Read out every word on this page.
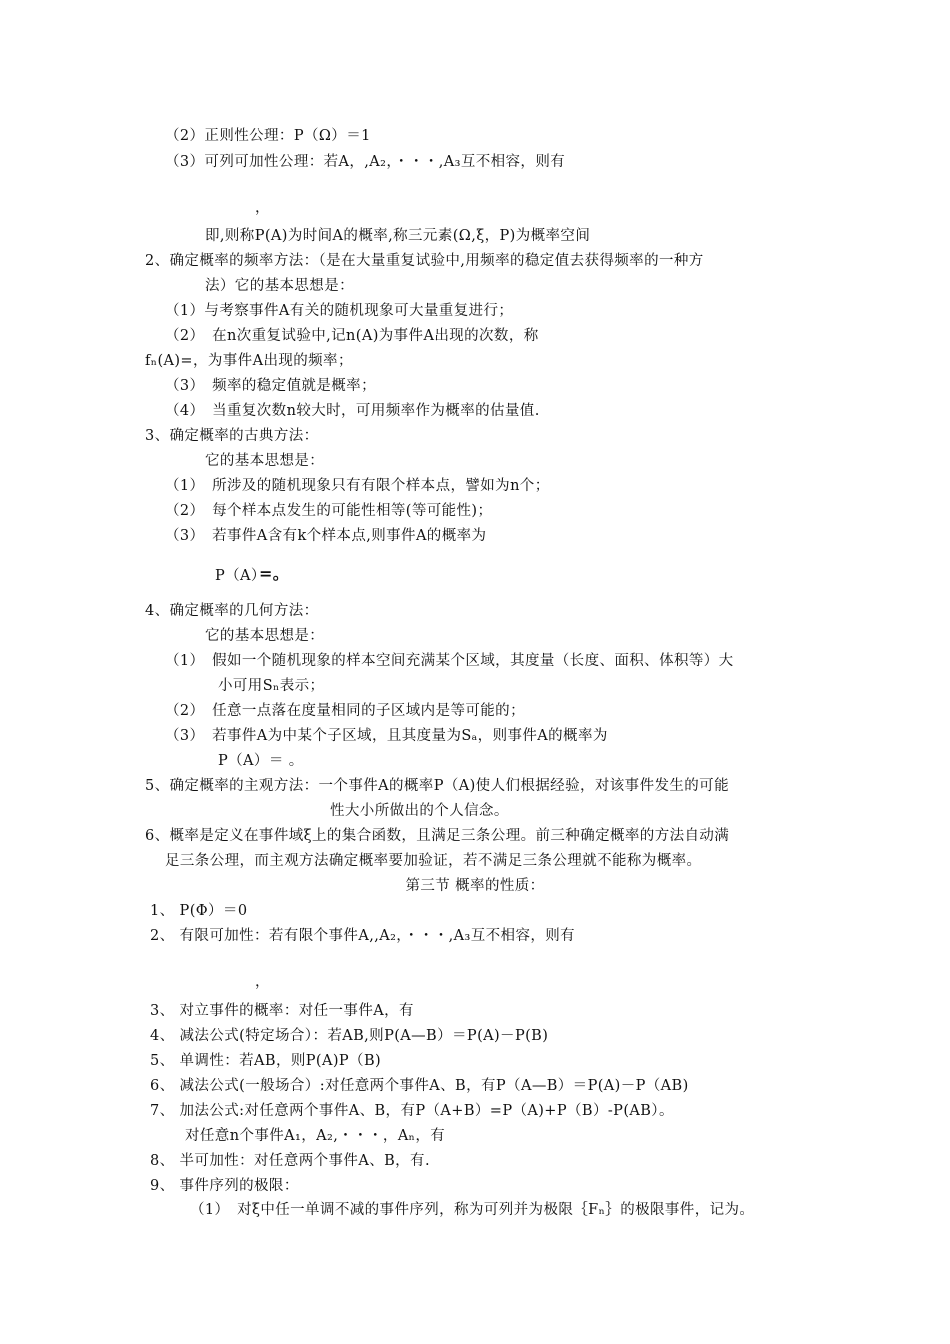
（2）正则性公理：P（Ω）＝1
（3）可列可加性公理：若A，,A₂，・・・,A₃互不相容，则有
，
即,则称P(A)为时间A的概率,称三元素(Ω,ξ，P)为概率空间
2、确定概率的频率方法：（是在大量重复试验中,用频率的稳定值去获得频率的一种方
法）它的基本思想是：
（1）与考察事件A有关的随机现象可大量重复进行；
（2）　在n次重复试验中,记n(A)为事件A出现的次数，称
fₙ(A)=，为事件A出现的频率；
（3）　频率的稳定值就是概率；
（4）　当重复次数n较大时，可用频率作为概率的估量值.
3、确定概率的古典方法：
它的基本思想是：
（1）　所涉及的随机现象只有有限个样本点，譬如为n个；
（2）　每个样本点发生的可能性相等(等可能性)；
（3）　若事件A含有k个样本点,则事件A的概率为
P（A）
=。
4、确定概率的几何方法：
它的基本思想是：
（1）　假如一个随机现象的样本空间充满某个区域，其度量（长度、面积、体积等）大
小可用Sₙ表示；
（2）　任意一点落在度量相同的子区域内是等可能的；
（3）　若事件A为中某个子区域，且其度量为Sₐ，则事件A的概率为
P（A）＝ 。
5、确定概率的主观方法：一个事件A的概率P（A)使人们根据经验，对该事件发生的可能
性大小所做出的个人信念。
6、概率是定义在事件域ξ上的集合函数，且满足三条公理。前三种确定概率的方法自动满
足三条公理，而主观方法确定概率要加验证，若不满足三条公理就不能称为概率。
第三节 概率的性质：
1、 P(Φ）＝0
2、 有限可加性：若有限个事件A,,A₂，・・・,A₃互不相容，则有
，
3、 对立事件的概率：对任一事件A，有
4、 减法公式(特定场合）：若AB,则P(A—B）＝P(A)－P(B)
5、 单调性：若AB，则P(A)P（B)
6、 减法公式(一般场合）:对任意两个事件A、B，有P（A—B）＝P(A)－P（AB)
7、 加法公式:对任意两个事件A、B，有P（A+B）=P（A)+P（B）-P(AB）。
对任意n个事件A₁，A₂,・・・，Aₙ，有
8、 半可加性：对任意两个事件A、B，有.
9、 事件序列的极限：
（1）　对ξ中任一单调不减的事件序列，称为可列并为极限｛Fₙ｝的极限事件，记为。
